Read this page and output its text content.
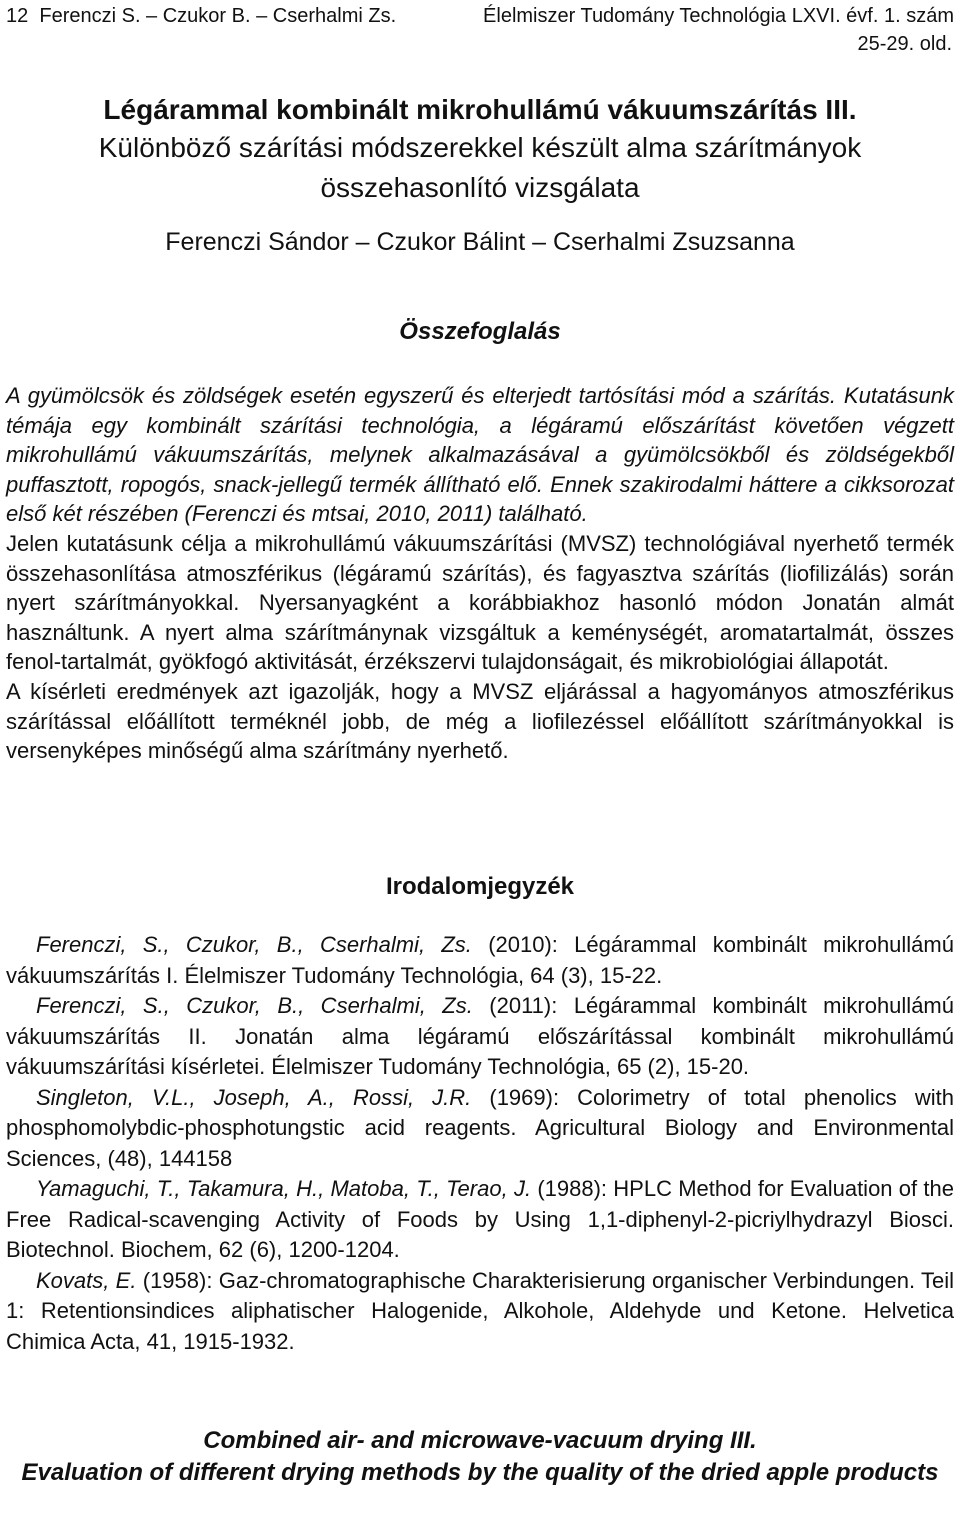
12  Ferenczi S. – Czukor B. – Cserhalmi Zs.	Élelmiszer Tudomány Technológia LXVI. évf. 1. szám
25-29. old.
Légárammal kombinált mikrohullámú vákuumszárítás III.
Különböző szárítási módszerekkel készült alma szárítmányok
összehasonlító vizsgálata
Ferenczi Sándor – Czukor Bálint – Cserhalmi Zsuzsanna
Összefoglalás

A gyümölcsök és zöldségek esetén egyszerű és elterjedt tartósítási mód a szárítás. Kutatásunk témája egy kombinált szárítási technológia, a légáramú előszárítást követően végzett mikrohullámú vákuumszárítás, melynek alkalmazásával a gyümölcsökből és zöldségekből puffasztott, ropogós, snack-jellegű termék állítható elő. Ennek szakirodalmi háttere a cikksorozat első két részében (Ferenczi és mtsai, 2010, 2011) található.

Jelen kutatásunk célja a mikrohullámú vákuumszárítási (MVSZ) technológiával nyerhető termék összehasonlítása atmoszférikus (légáramú szárítás), és fagyasztva szárítás (liofilizálás) során nyert szárítmányokkal. Nyersanyagként a korábbiakhoz hasonló módon Jonatán almát használtunk. A nyert alma szárítmánynak vizsgáltuk a keménységét, aromatartalmát, összes fenol-tartalmát, gyökfogó aktivitását, érzékszervi tulajdonságait, és mikrobiológiai állapotát.

A kísérleti eredmények azt igazolják, hogy a MVSZ eljárással a hagyományos atmoszférikus szárítással előállított terméknél jobb, de még a liofilezéssel előállított szárítmányokkal is versenyképes minőségű alma szárítmány nyerhető.

Irodalomjegyzék

Ferenczi, S., Czukor, B., Cserhalmi, Zs. (2010): Légárammal kombinált mikrohullámú vákuumszárítás I. Élelmiszer Tudomány Technológia, 64 (3), 15-22.

Ferenczi, S., Czukor, B., Cserhalmi, Zs. (2011): Légárammal kombinált mikrohullámú vákuumszárítás II. Jonatán alma légáramú előszárítással kombinált mikrohullámú vákuumszárítási kísérletei. Élelmiszer Tudomány Technológia, 65 (2), 15-20.

Singleton, V.L., Joseph, A., Rossi, J.R. (1969): Colorimetry of total phenolics with phosphomolybdic-phosphotungstic acid reagents. Agricultural Biology and Environmental Sciences, (48), 144158

Yamaguchi, T., Takamura, H., Matoba, T., Terao, J. (1988): HPLC Method for Evaluation of the Free Radical-scavenging Activity of Foods by Using 1,1-diphenyl-2-picriylhydrazyl Biosci. Biotechnol. Biochem, 62 (6), 1200-1204.

Kovats, E. (1958): Gaz-chromatographische Charakterisierung organischer Verbindungen. Teil 1: Retentionsindices aliphatischer Halogenide, Alkohole, Aldehyde und Ketone. Helvetica Chimica Acta, 41, 1915-1932.

Combined air- and microwave-vacuum drying III.
Evaluation of different drying methods by the quality of the dried apple products
